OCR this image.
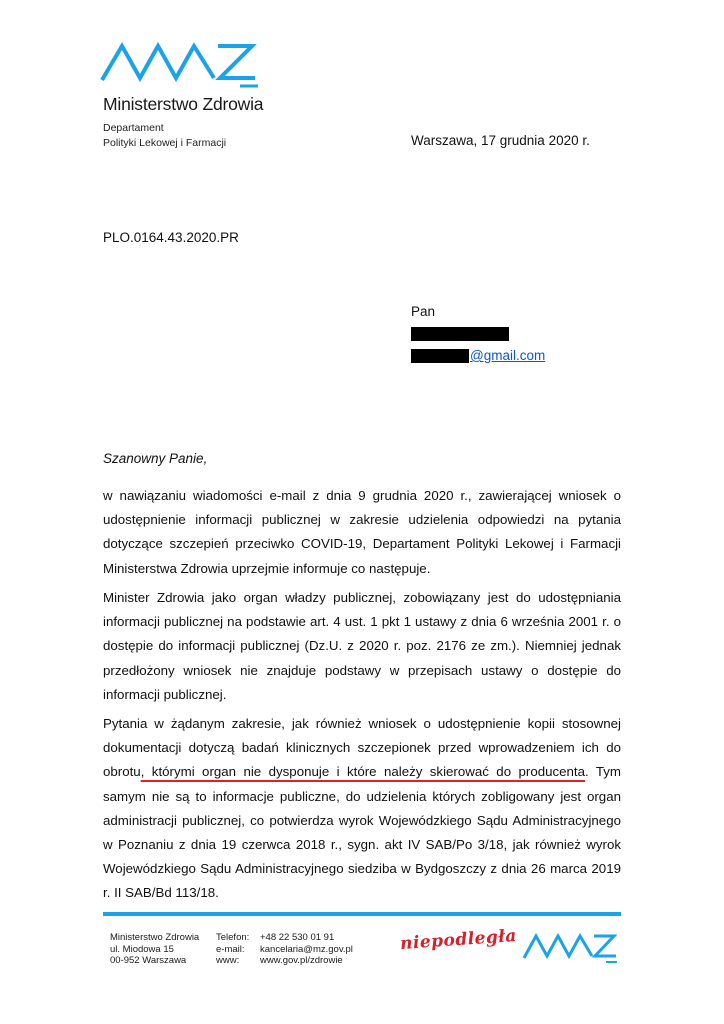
Ministerstwo Zdrowia
Departament
Polityki Lekowej i Farmacji	Warszawa, 17 grudnia 2020 r.
PLO.0164.43.2020.PR
Pan
@gmail.com
Szanowny Panie,
w nawiązaniu wiadomości e-mail z dnia 9 grudnia 2020 r., zawierającej wniosek o udostępnienie informacji publicznej w zakresie udzielenia odpowiedzi na pytania dotyczące szczepień przeciwko COVID-19, Departament Polityki Lekowej i Farmacji Ministerstwa Zdrowia uprzejmie informuje co następuje.
Minister Zdrowia jako organ władzy publicznej, zobowiązany jest do udostępniania informacji publicznej na podstawie art. 4 ust. 1 pkt 1 ustawy z dnia 6 września 2001 r. o dostępie do informacji publicznej (Dz.U. z 2020 r. poz. 2176 ze zm.). Niemniej jednak przedłożony wniosek nie znajduje podstawy w przepisach ustawy o dostępie do informacji publicznej.
Pytania w żądanym zakresie, jak również wniosek o udostępnienie kopii stosownej dokumentacji dotyczą badań klinicznych szczepionek przed wprowadzeniem ich do obrotu, którymi organ nie dysponuje i które należy skierować do producenta. Tym samym nie są to informacje publiczne, do udzielenia których zobligowany jest organ administracji publicznej, co potwierdza wyrok Wojewódzkiego Sądu Administracyjnego w Poznaniu z dnia 19 czerwca 2018 r., sygn. akt IV SAB/Po 3/18, jak również wyrok Wojewódzkiego Sądu Administracyjnego siedziba w Bydgoszczy z dnia 26 marca 2019 r. II SAB/Bd 113/18.
Ministerstwo Zdrowia
ul. Miodowa 15
00-952 Warszawa
Telefon:
e-mail:
www:
+48 22 530 01 91
kancelaria@mz.gov.pl
www.gov.pl/zdrowie
niepodległa
